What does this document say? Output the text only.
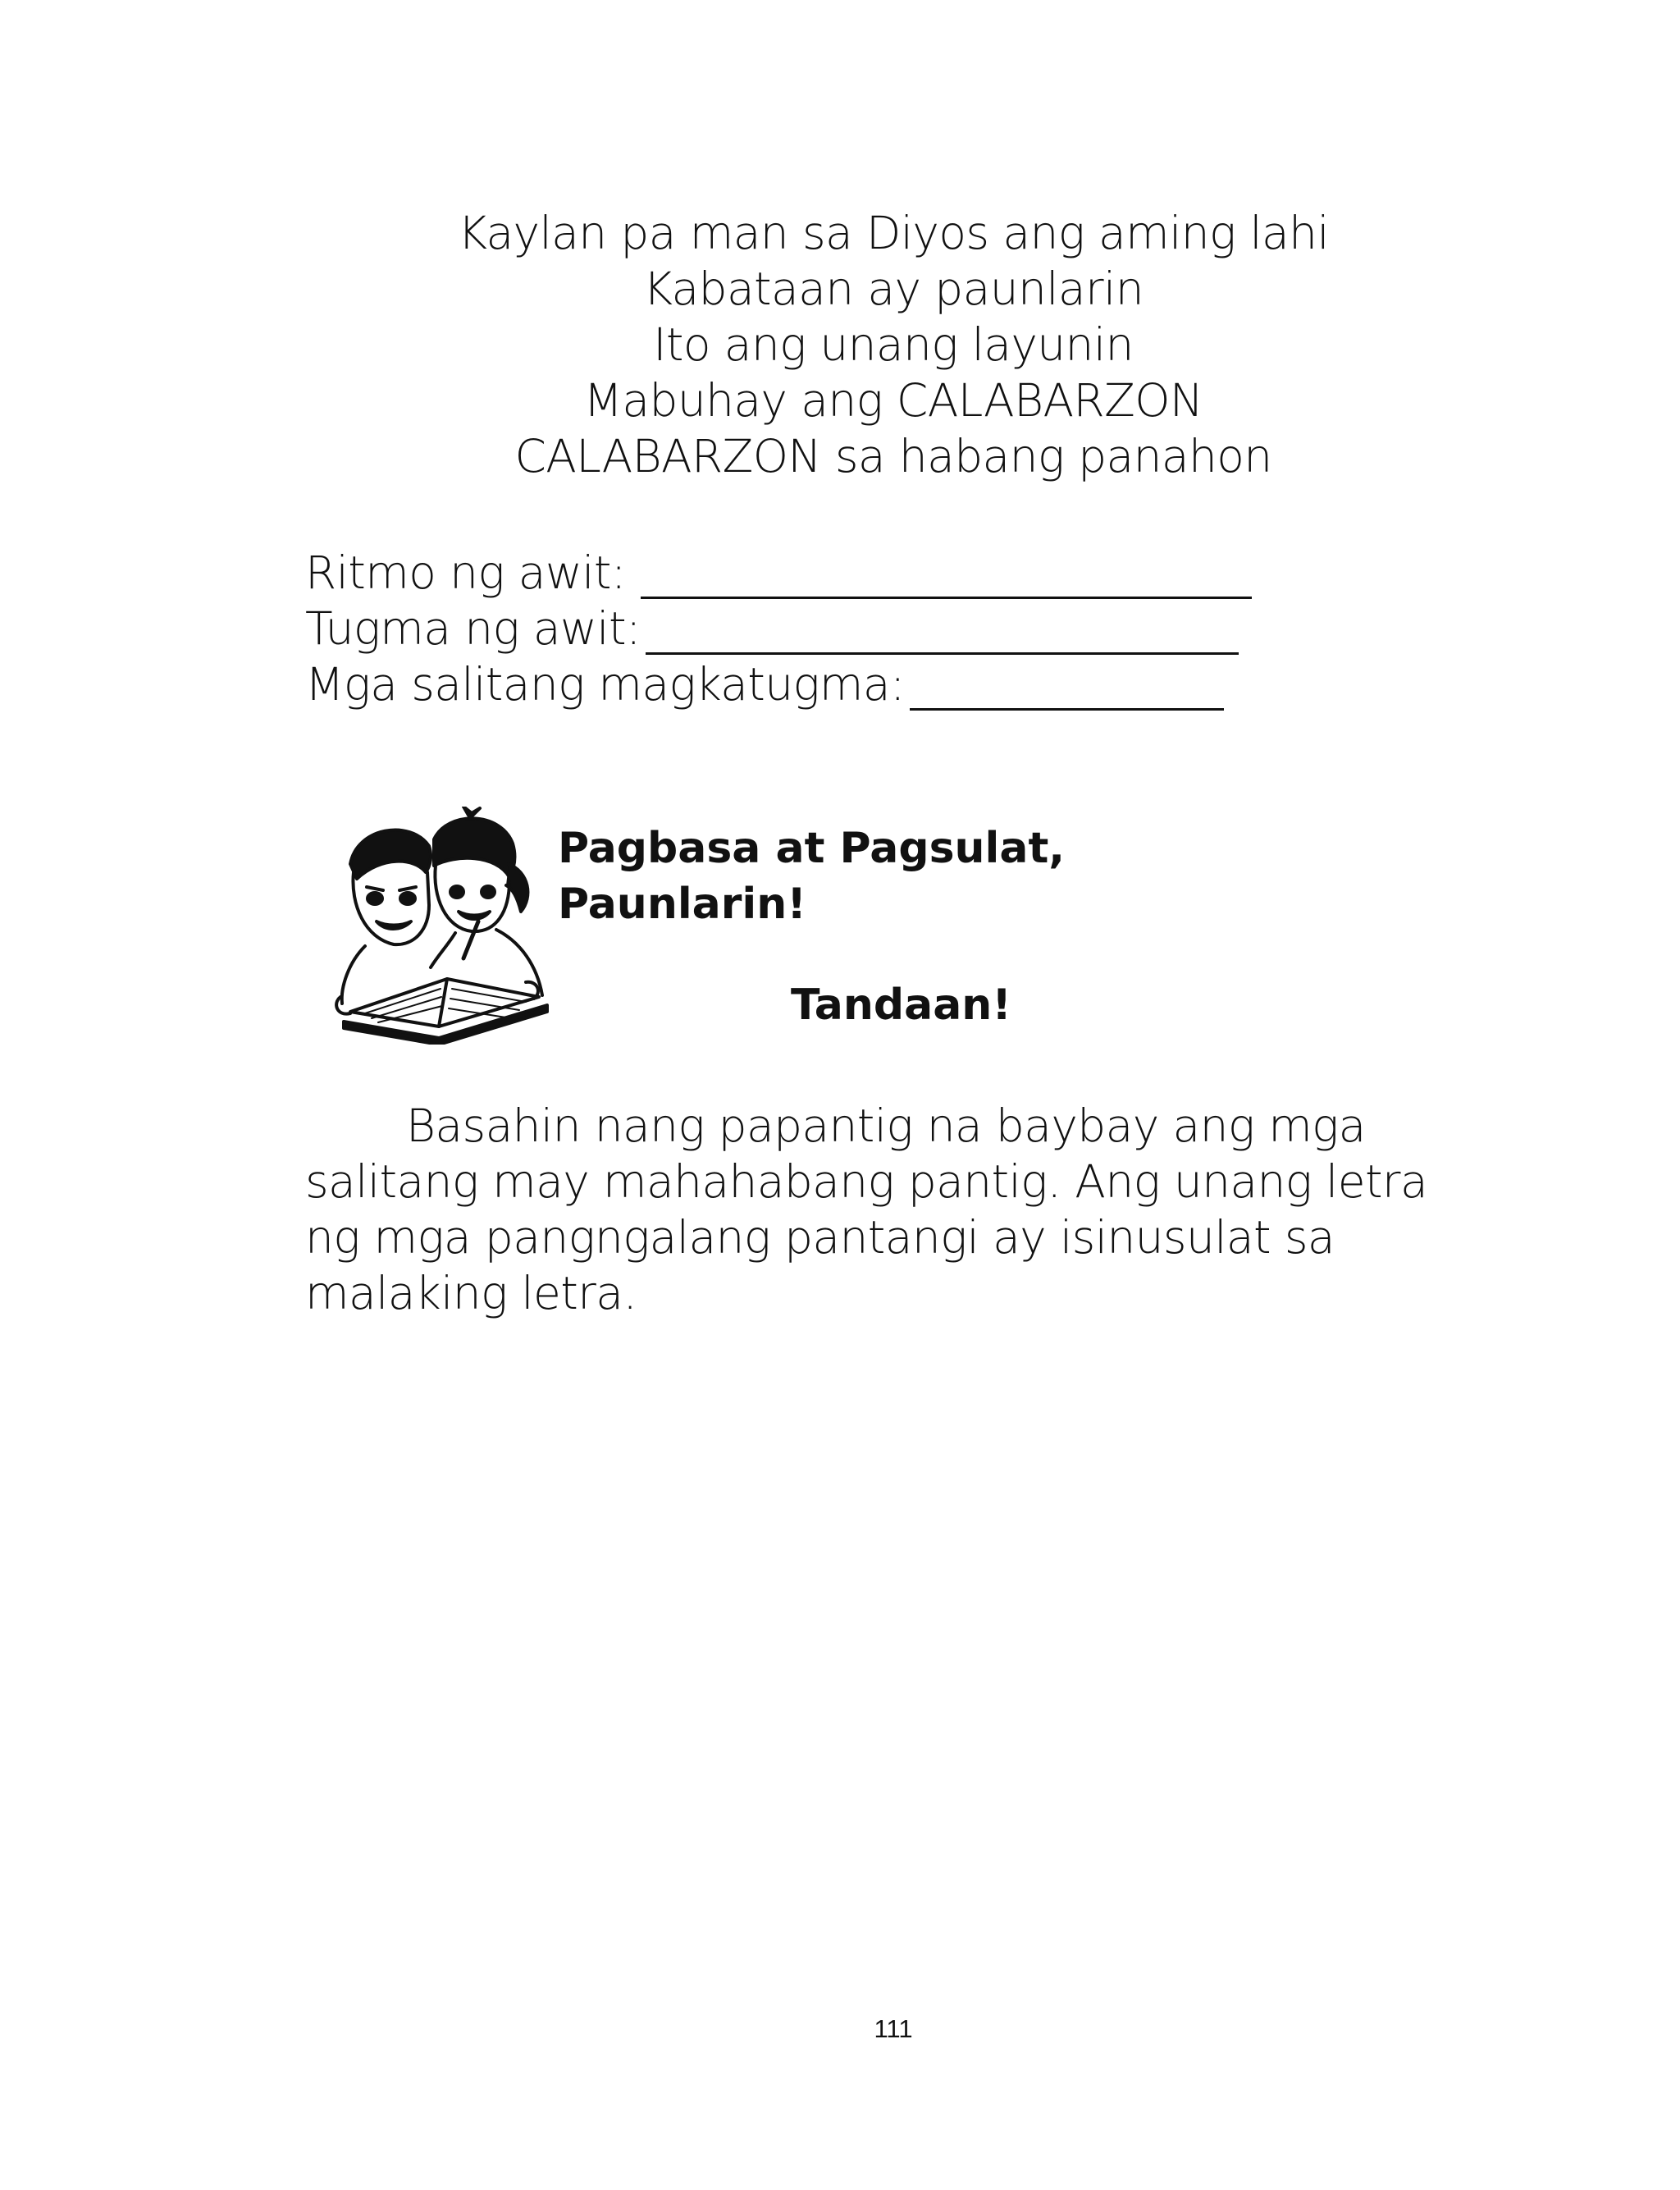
Kaylan pa man sa Diyos ang aming lahi
Kabataan ay paunlarin
Ito ang unang layunin
Mabuhay ang CALABARZON
CALABARZON sa habang panahon
Ritmo ng awit:
Tugma ng awit:
Mga salitang magkatugma:
Pagbasa at Pagsulat,
Paunlarin!
Tandaan!
Basahin nang papantig na baybay ang mga
salitang may mahahabang pantig. Ang unang letra
ng mga pangngalang pantangi ay isinusulat sa
malaking letra.
111
